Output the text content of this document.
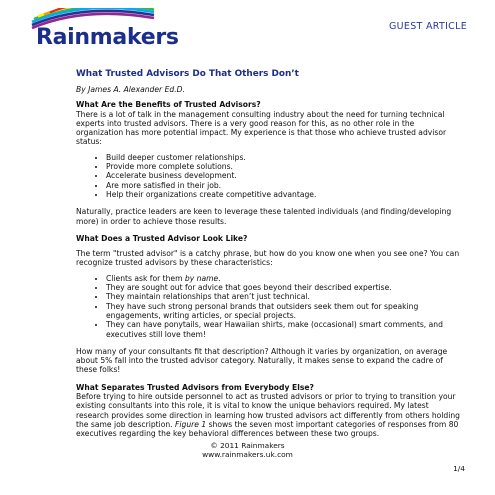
Rainmakers	GUEST ARTICLE
What Trusted Advisors Do That Others Don’t
By James A. Alexander Ed.D.
What Are the Benefits of Trusted Advisors?

There is a lot of talk in the management consulting industry about the need for turning technical experts into trusted advisors. There is a very good reason for this, as no other role in the organization has more potential impact. My experience is that those who achieve trusted advisor status:

• Build deeper customer relationships.
• Provide more complete solutions.
• Accelerate business development.
• Are more satisfied in their job.
• Help their organizations create competitive advantage.

Naturally, practice leaders are keen to leverage these talented individuals (and finding/developing more) in order to achieve those results.

What Does a Trusted Advisor Look Like?

The term "trusted advisor" is a catchy phrase, but how do you know one when you see one? You can recognize trusted advisors by these characteristics:

• Clients ask for them by name.
• They are sought out for advice that goes beyond their described expertise.
• They maintain relationships that aren’t just technical.
• They have such strong personal brands that outsiders seek them out for speaking engagements, writing articles, or special projects.
• They can have ponytails, wear Hawaiian shirts, make (occasional) smart comments, and executives still love them!

How many of your consultants fit that description? Although it varies by organization, on average about 5% fall into the trusted advisor category. Naturally, it makes sense to expand the cadre of these folks!

What Separates Trusted Advisors from Everybody Else?

Before trying to hire outside personnel to act as trusted advisors or prior to trying to transition your existing consultants into this role, it is vital to know the unique behaviors required. My latest research provides some direction in learning how trusted advisors act differently from others holding the same job description. Figure 1 shows the seven most important categories of responses from 80 executives regarding the key behavioral differences between these two groups.

© 2011 Rainmakers
www.rainmakers.uk.com
1/4
